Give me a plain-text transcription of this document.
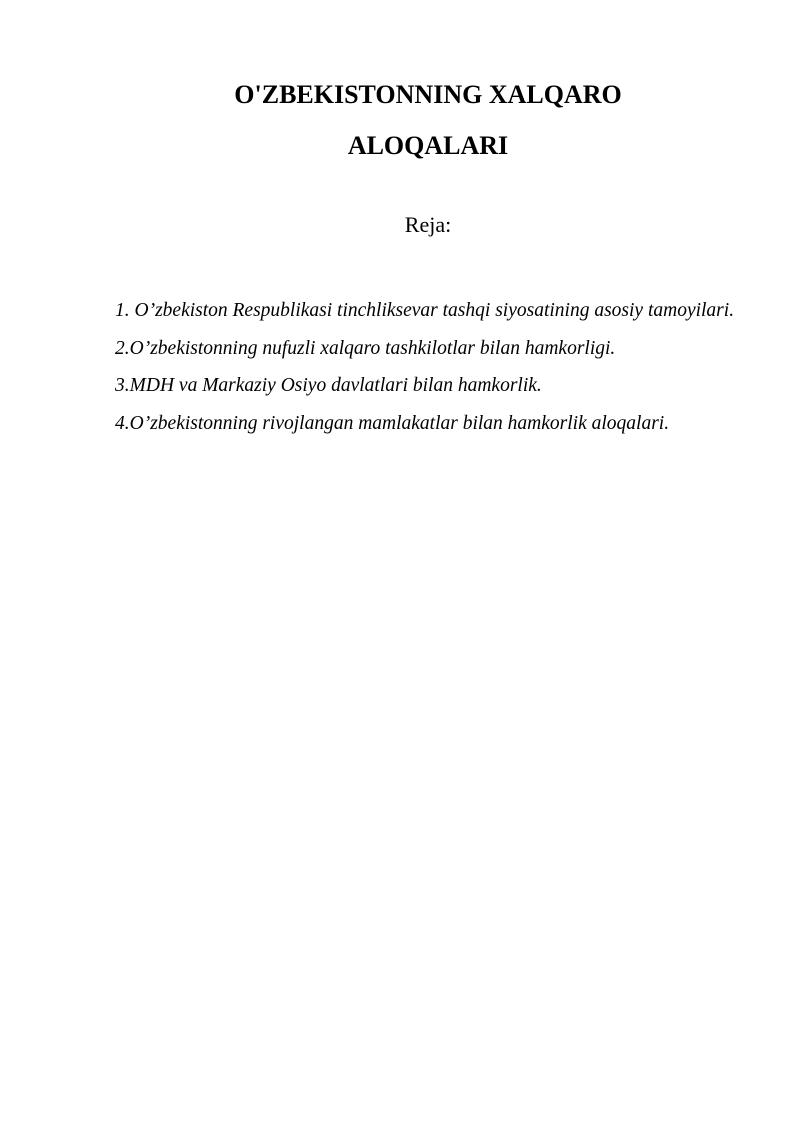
O'ZBEKISTONNING XALQARO
ALOQALARI
Reja:
1. O’zbekiston Respublikasi tinchliksevar tashqi siyosatining asosiy tamoyilari.
2.O’zbekistonning nufuzli xalqaro tashkilotlar bilan hamkorligi.
3.MDH va Markaziy Osiyo davlatlari bilan hamkorlik.
4.O’zbekistonning rivojlangan mamlakatlar bilan hamkorlik aloqalari.
